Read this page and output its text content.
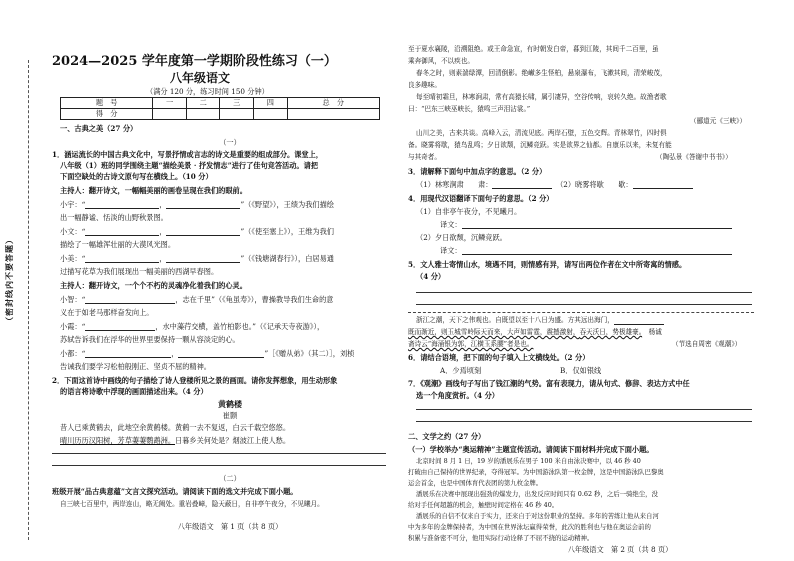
（密封线内不要答题）
2024—2025 学年度第一学期阶段性练习（一）
八年级语文
（满分 120 分，练习时间 150 分钟）
题　号	一	二	三	四	总　分
得　分					
一、古典之美（27 分）
（一）
1．涵运流长的中国古典文化中，写景抒情或言志的诗文是重要的组成部分。课堂上，
八年级（1）班的同学围绕主题“描绘美景 · 抒发情志”进行了佳句竞答活动。请把
下面空缺处的古诗文原句写在横线上。（10 分）
主持人：翻开诗文，一幅幅美丽的画卷呈现在我们的眼前。
小宇：“	，	”（《野望》），王绩为我们描绘
出一幅静谧、恬淡的山野秋景图。
小文：“	，	”（《使至塞上》），王维为我们
描绘了一幅雄浑壮丽的大漠风光图。
小美：“	，	”（《钱塘湖春行》），白居易通
过描写花草为我们展现出一幅美丽的西湖早春图。
主持人：翻开诗文，一个个不朽的灵魂净化着我们的心灵。
小智：“	，志在千里”（《龟虽寿》），曹操教导我们生命的意
义在于如老马那样奋发向上。
小霞：“	，水中藻荇交横，盖竹柏影也。”（《记承天寺夜游》），
苏轼告诉我们在浮华的世界里要保持一颗从容淡定的心。
小都：“	，	”［《赠从弟》（其二）］，刘桢
告诫我们要学习松柏般刚正、坚贞不屈的精神。
2．下面这首诗中画线的句子描绘了诗人登楼所见之景的画面。请你发挥想象，用生动形象
的语言将诗歌中浮现的画面描述出来。（4 分）
黄鹤楼
崔颢
昔人已乘黄鹤去，此地空余黄鹤楼。黄鹤一去不复返，白云千载空悠悠。
晴川历历汉阳树，芳草萋萋鹦鹉洲。日暮乡关何处是？烟波江上使人愁。
（二）
班级开展“品古典意蕴”文言文探究活动。请阅读下面的选文并完成下面小题。
自三峡七百里中，两岸连山，略无阙处。重岩叠嶂，隐天蔽日，自非亭午夜分，不见曦月。
八年级语文　第 1 页（共 8 页）
至于夏水襄陵，沿溯阻绝。或王命急宣，有时朝发白帝，暮到江陵，其间千二百里，虽
乘奔御风，不以疾也。
春冬之时，则素湍绿潭，回清倒影。绝𪩘多生怪柏，悬泉瀑布，飞漱其间，清荣峻茂，
良多趣味。
每至晴初霜旦，林寒涧肃，常有高猿长啸，属引凄异，空谷传响，哀转久绝。故渔者歌
曰：“巴东三峡巫峡长，猿鸣三声泪沾裳。”
（郦道元《三峡》）
山川之美，古来共谈。高峰入云，清流见底。两岸石壁，五色交辉。青林翠竹，四时俱
备。晓雾将歇，猿鸟乱鸣；夕日欲颓，沉鳞竞跃。实是欲界之仙都。自康乐以来，未复有能
与其奇者。	（陶弘景《答谢中书书》）
3．请解释下面句中加点字的意思。（2 分）
（1）林寒涧肃　　 肃：　	（2）晓雾将歇　　 歇：
4．用现代汉语翻译下面句子的意思。（2 分）
（1）自非亭午夜分，不见曦月。
译文：
（2）夕日欲颓，沉鳞竞跃。
译文：
5．文人雅士寄情山水，境遇不同，则情感有异，请写出两位作者在文中所寄寓的情感。
（4 分）
浙江之潮，天下之伟观也。自既望以至十八日为盛。方其远出海门，
既而渐近，则玉城雪岭际天而来，大声如雷霆，震撼激射，吞天沃日，势极雄豪。　 杨诚
斋诗云“海涌银为郭，江横玉系腰”者是也。	（节选自周密《观潮》）
6．请结合语境，把下面的句子填入上文横线处。（2 分）
A．少焉顷刻	B．仅如银线
7．《观潮》画线句子写出了钱江潮的气势。富有表现力，请从句式、修辞、表达方式中任
选一个角度赏析。（4 分）
二、文学之约（27 分）
（一）学校举办“奥运精神”主题宣传活动。请阅读下面材料并完成下面小题。
北京时间 8 月 1 日，19 岁的潘展乐在男子 100 米自由泳决赛中，以 46 秒 40
打破由自己保持的世界纪录，夺得冠军。为中国游泳队第一枚金牌，这是中国游泳队巴黎奥
运会首金，也是中国体育代表团的第九枚金牌。
潘展乐在决赛中展现出强劲的爆发力，出发反应时间只有 0.62 秒，之后一骑绝尘，没
给对手任何超越的机会，触壁时间定格在 46 秒 40。
潘展乐的自信不仅来自于实力，还来自于对这份职业的坚持。多年的苦练让他从来自河
中为多年的金牌保持者，为中国在世界泳坛赢得荣誉，此次的胜利也与他在奥运会前的
积累与准备密不可分，他用实际行动诠释了不屈不挠的运动精神。
八年级语文　第 2 页（共 8 页）
